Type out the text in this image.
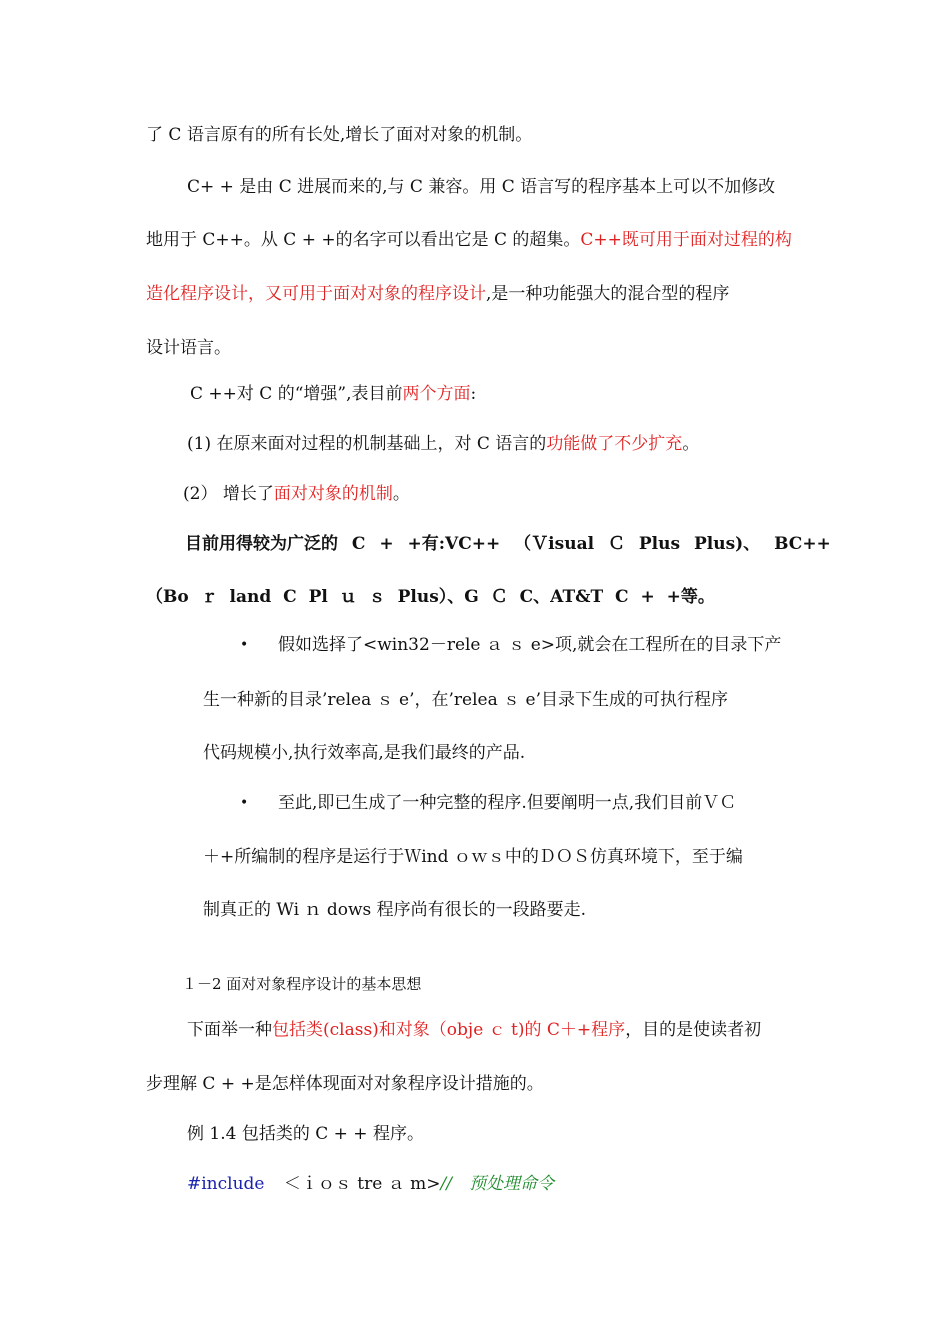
了 C 语言原有的所有长处,增长了面对对象的机制。
C+ + 是由 C 进展而来的,与 C 兼容。用 C 语言写的程序基本上可以不加修改
地用于 C++。从 C + +的名字可以看出它是 C 的超集。C++既可用于面对过程的构
造化程序设计，又可用于面对对象的程序设计,是一种功能强大的混合型的程序
设计语言。
C ++对 C 的“增强”,表目前两个方面:
(1) 在原来面对过程的机制基础上，对 C 语言的功能做了不少扩充。
(2） 增长了面对对象的机制。
目前用得较为广泛的 C + +有:VC++ （Ｖisual Ｃ Plus Plus)、 BC++
（Bo ｒ land C Pl ｕ ｓ Plus）、G Ｃ C、AT&T C + +等。
• 假如选择了<win32－rele ａ ｓ e>项,就会在工程所在的目录下产
生一种新的目录’relea ｓ e’，在’relea ｓ e’目录下生成的可执行程序
代码规模小,执行效率高,是我们最终的产品.
• 至此,即已生成了一种完整的程序.但要阐明一点,我们目前ＶＣ
＋+所编制的程序是运行于Ｗind ｏｗｓ中的ＤＯＳ仿真环境下，至于编
制真正的 Wi ｎ dows 程序尚有很长的一段路要走.
１－2 面对对象程序设计的基本思想
下面举一种包括类(class)和对象（obje ｃ t)的 C＋+程序，目的是使读者初
步理解 C + +是怎样体现面对对象程序设计措施的。
例 1.4 包括类的 C + + 程序。
#include ＜ｉｏｓ tre ａ m>//　预处理命令
